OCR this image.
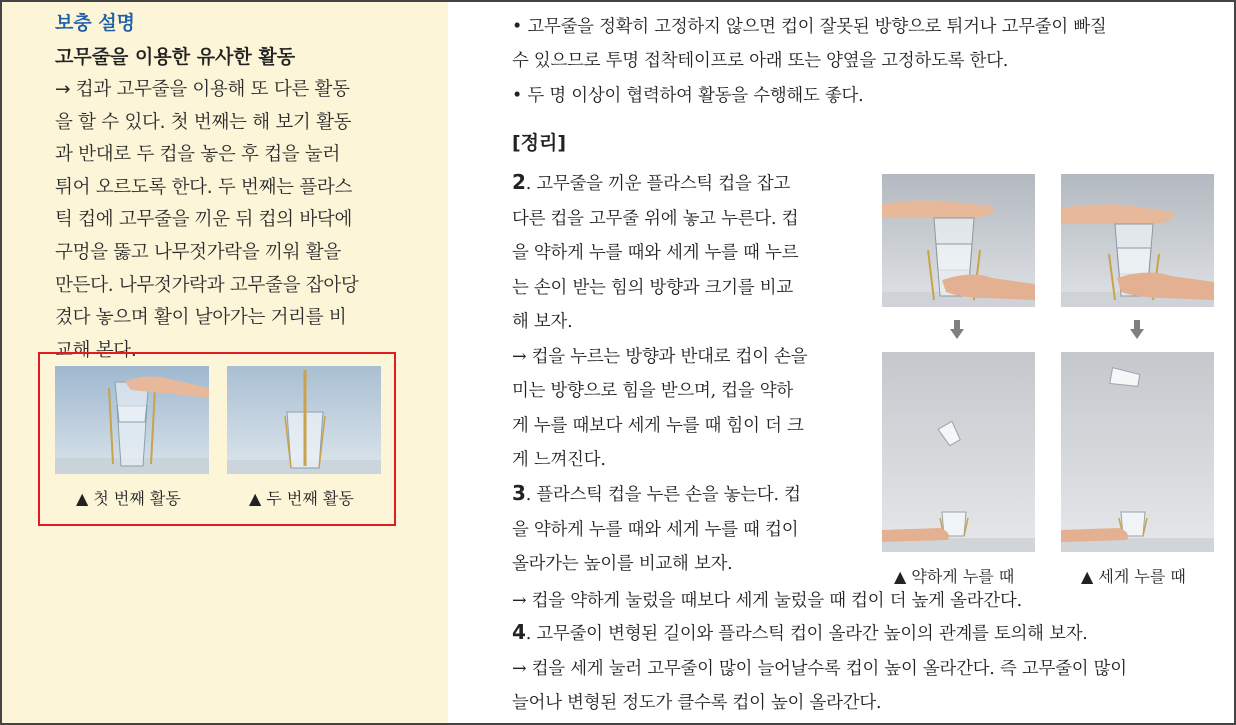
보충 설명
고무줄을 이용한 유사한 활동
→ 컵과 고무줄을 이용해 또 다른 활동
을 할 수 있다. 첫 번째는 해 보기 활동
과 반대로 두 컵을 놓은 후 컵을 눌러
튀어 오르도록 한다. 두 번째는 플라스
틱 컵에 고무줄을 끼운 뒤 컵의 바닥에
구멍을 뚫고 나무젓가락을 끼워 활을
만든다. 나무젓가락과 고무줄을 잡아당
겼다 놓으며 활이 날아가는 거리를 비
교해 본다.
▲ 첫 번째 활동	▲ 두 번째 활동
• 고무줄을 정확히 고정하지 않으면 컵이 잘못된 방향으로 튀거나 고무줄이 빠질
수 있으므로 투명 접착테이프로 아래 또는 양옆을 고정하도록 한다.
• 두 명 이상이 협력하여 활동을 수행해도 좋다.
[정리]
2. 고무줄을 끼운 플라스틱 컵을 잡고
다른 컵을 고무줄 위에 놓고 누른다. 컵
을 약하게 누를 때와 세게 누를 때 누르
는 손이 받는 힘의 방향과 크기를 비교
해 보자.
→ 컵을 누르는 방향과 반대로 컵이 손을
미는 방향으로 힘을 받으며, 컵을 약하
게 누를 때보다 세게 누를 때 힘이 더 크
게 느껴진다.
3. 플라스틱 컵을 누른 손을 놓는다. 컵
을 약하게 누를 때와 세게 누를 때 컵이
올라가는 높이를 비교해 보자.
→ 컵을 약하게 눌렀을 때보다 세게 눌렀을 때 컵이 더 높게 올라간다.
4. 고무줄이 변형된 길이와 플라스틱 컵이 올라간 높이의 관계를 토의해 보자.
→ 컵을 세게 눌러 고무줄이 많이 늘어날수록 컵이 높이 올라간다. 즉 고무줄이 많이
늘어나 변형된 정도가 클수록 컵이 높이 올라간다.
▲ 약하게 누를 때	▲ 세게 누를 때
